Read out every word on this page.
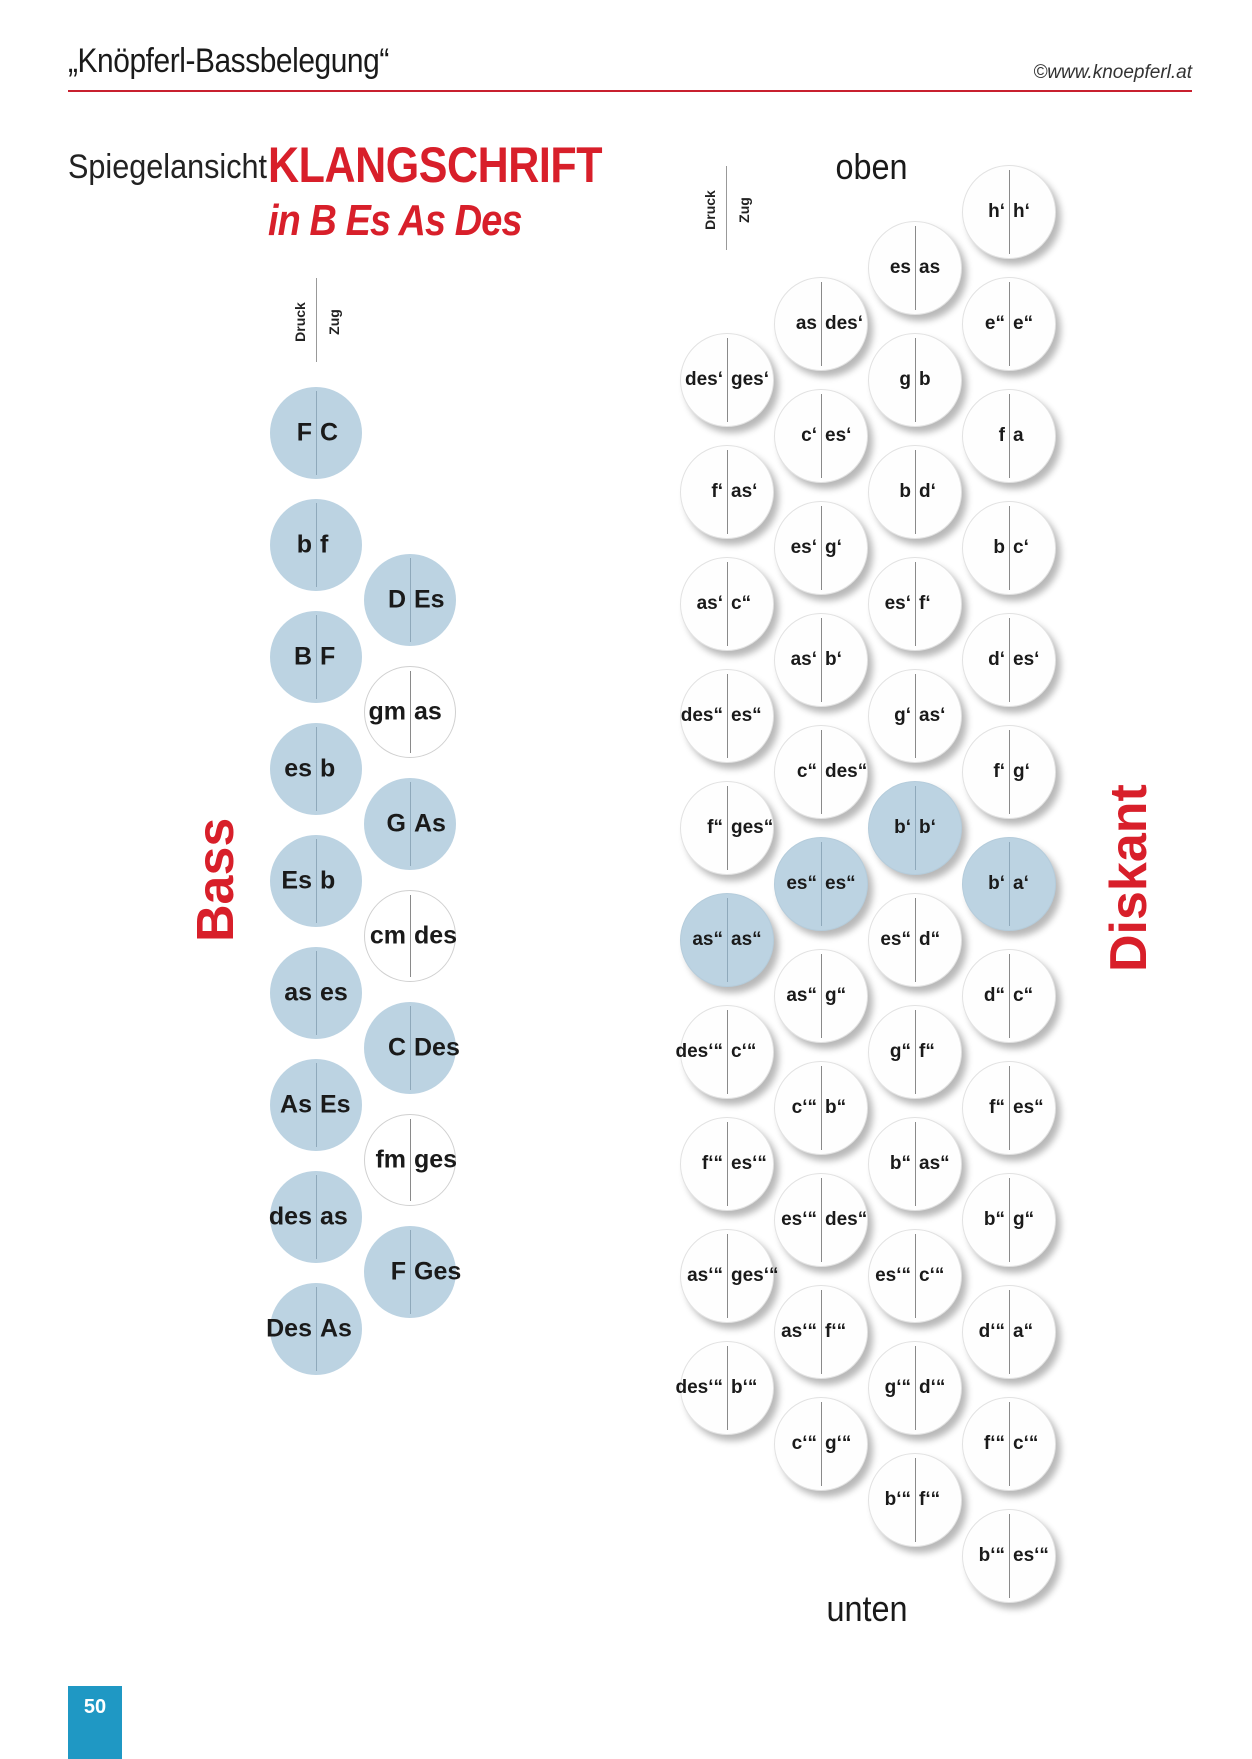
„Knöpferl-Bassbelegung“	©www.knoepferl.at
Spiegelansicht KLANGSCHRIFT
in B Es As Des
Druck Zug
Druck Zug
oben
unten
Bass	Diskant
F C
b f
B F
es b
Es b
as es
As Es
des as
Des As
D Es
gm as
G As
cm des
C Des
fm ges
F Ges
des‘ ges‘
f‘ as‘
as‘ c“
des“ es“
f“ ges“
as“ as“
des‘“ c‘“
f‘“ es‘“
as‘“ ges‘“
des‘“ b‘“
as des‘
c‘ es‘
es‘ g‘
as‘ b‘
c“ des“
es“ es“
as“ g“
c‘“ b“
es‘“ des“
as‘“ f‘“
c‘“ g‘“
es as
g b
b d‘
es‘ f‘
g‘ as‘
b‘ b‘
es“ d“
g“ f“
b“ as“
es‘“ c‘“
g‘“ d‘“
b‘“ f‘“
h‘ h‘
e“ e“
f a
b c‘
d‘ es‘
f‘ g‘
b‘ a‘
d“ c“
f“ es“
b“ g“
d‘“ a“
f‘“ c‘“
b‘“ es‘“
50
